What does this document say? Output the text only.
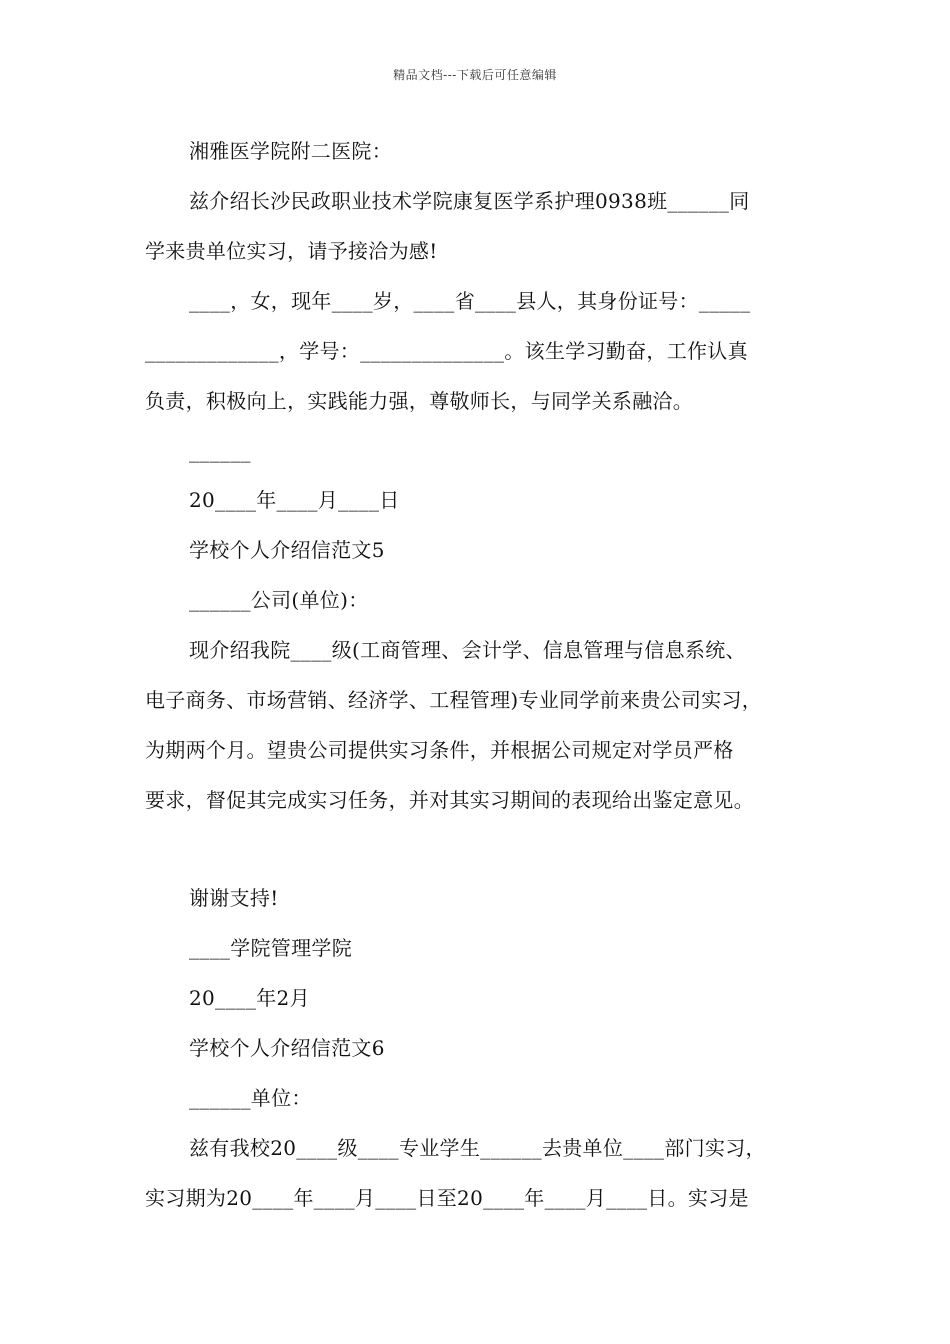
精品文档---下载后可任意编辑
湘雅医学院附二医院：
兹介绍长沙民政职业技术学院康复医学系护理0938班______同
学来贵单位实习，请予接洽为感!
____，女，现年____岁，____省____县人，其身份证号：_____
_____________，学号：______________。该生学习勤奋，工作认真
负责，积极向上，实践能力强，尊敬师长，与同学关系融洽。
______
20____年____月____日
学校个人介绍信范文5
______公司(单位)：
现介绍我院____级(工商管理、会计学、信息管理与信息系统、
电子商务、市场营销、经济学、工程管理)专业同学前来贵公司实习，
为期两个月。望贵公司提供实习条件，并根据公司规定对学员严格
要求，督促其完成实习任务，并对其实习期间的表现给出鉴定意见。
谢谢支持!
____学院管理学院
20____年2月
学校个人介绍信范文6
______单位：
兹有我校20____级____专业学生______去贵单位____部门实习，
实习期为20____年____月____日至20____年____月____日。实习是
